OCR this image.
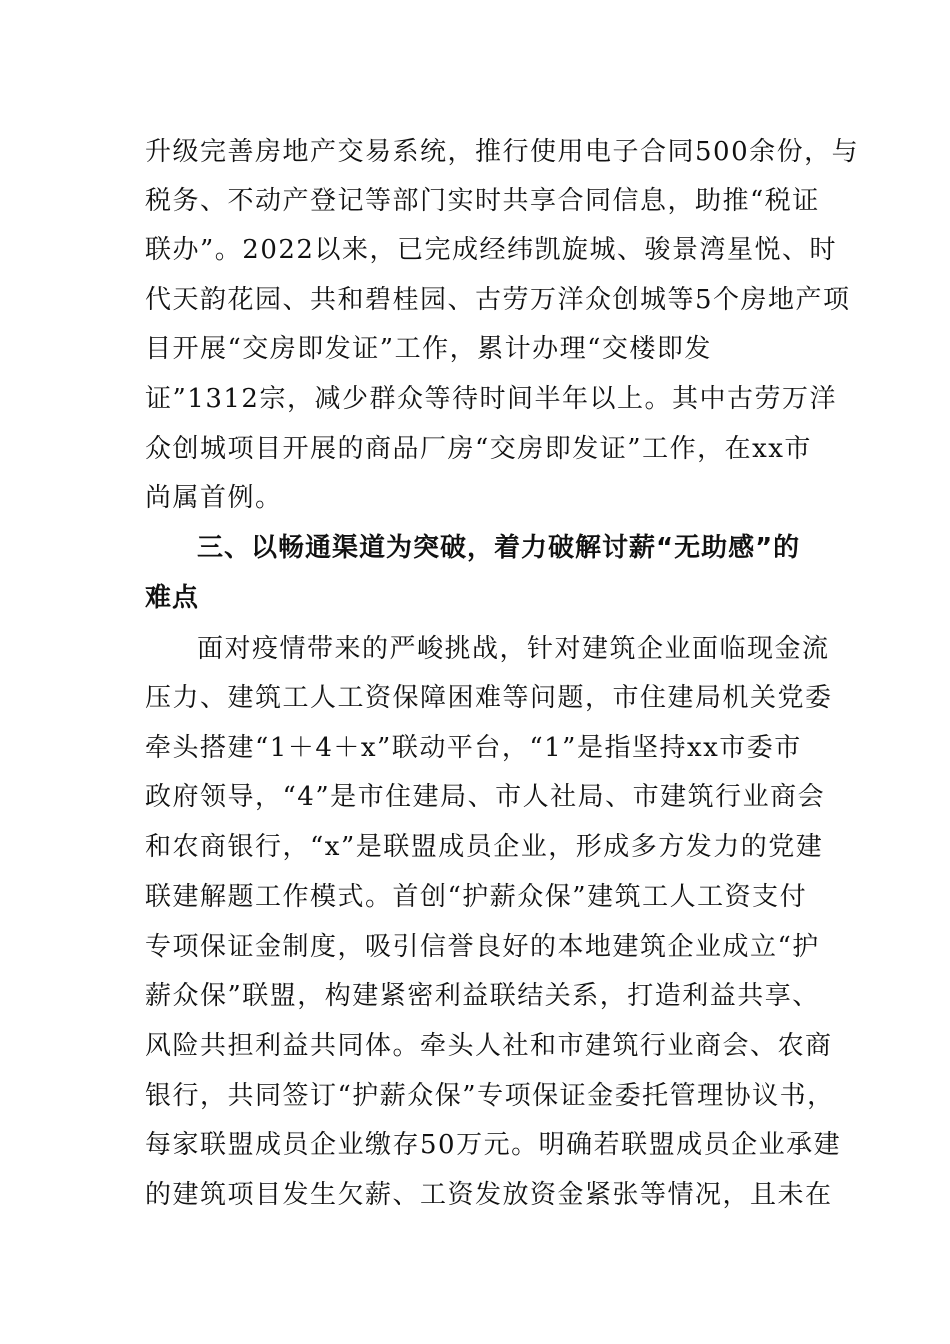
升级完善房地产交易系统，推行使用电子合同500余份，与
税务、不动产登记等部门实时共享合同信息，助推“税证
联办”。2022以来，已完成经纬凯旋城、骏景湾星悦、时
代天韵花园、共和碧桂园、古劳万洋众创城等5个房地产项
目开展“交房即发证”工作，累计办理“交楼即发
证”1312宗，减少群众等待时间半年以上。其中古劳万洋
众创城项目开展的商品厂房“交房即发证”工作，在xx市
尚属首例。
三、以畅通渠道为突破，着力破解讨薪“无助感”的
难点
面对疫情带来的严峻挑战，针对建筑企业面临现金流
压力、建筑工人工资保障困难等问题，市住建局机关党委
牵头搭建“1＋4＋x”联动平台，“1”是指坚持xx市委市
政府领导，“4”是市住建局、市人社局、市建筑行业商会
和农商银行，“x”是联盟成员企业，形成多方发力的党建
联建解题工作模式。首创“护薪众保”建筑工人工资支付
专项保证金制度，吸引信誉良好的本地建筑企业成立“护
薪众保”联盟，构建紧密利益联结关系，打造利益共享、
风险共担利益共同体。牵头人社和市建筑行业商会、农商
银行，共同签订“护薪众保”专项保证金委托管理协议书，
每家联盟成员企业缴存50万元。明确若联盟成员企业承建
的建筑项目发生欠薪、工资发放资金紧张等情况，且未在
